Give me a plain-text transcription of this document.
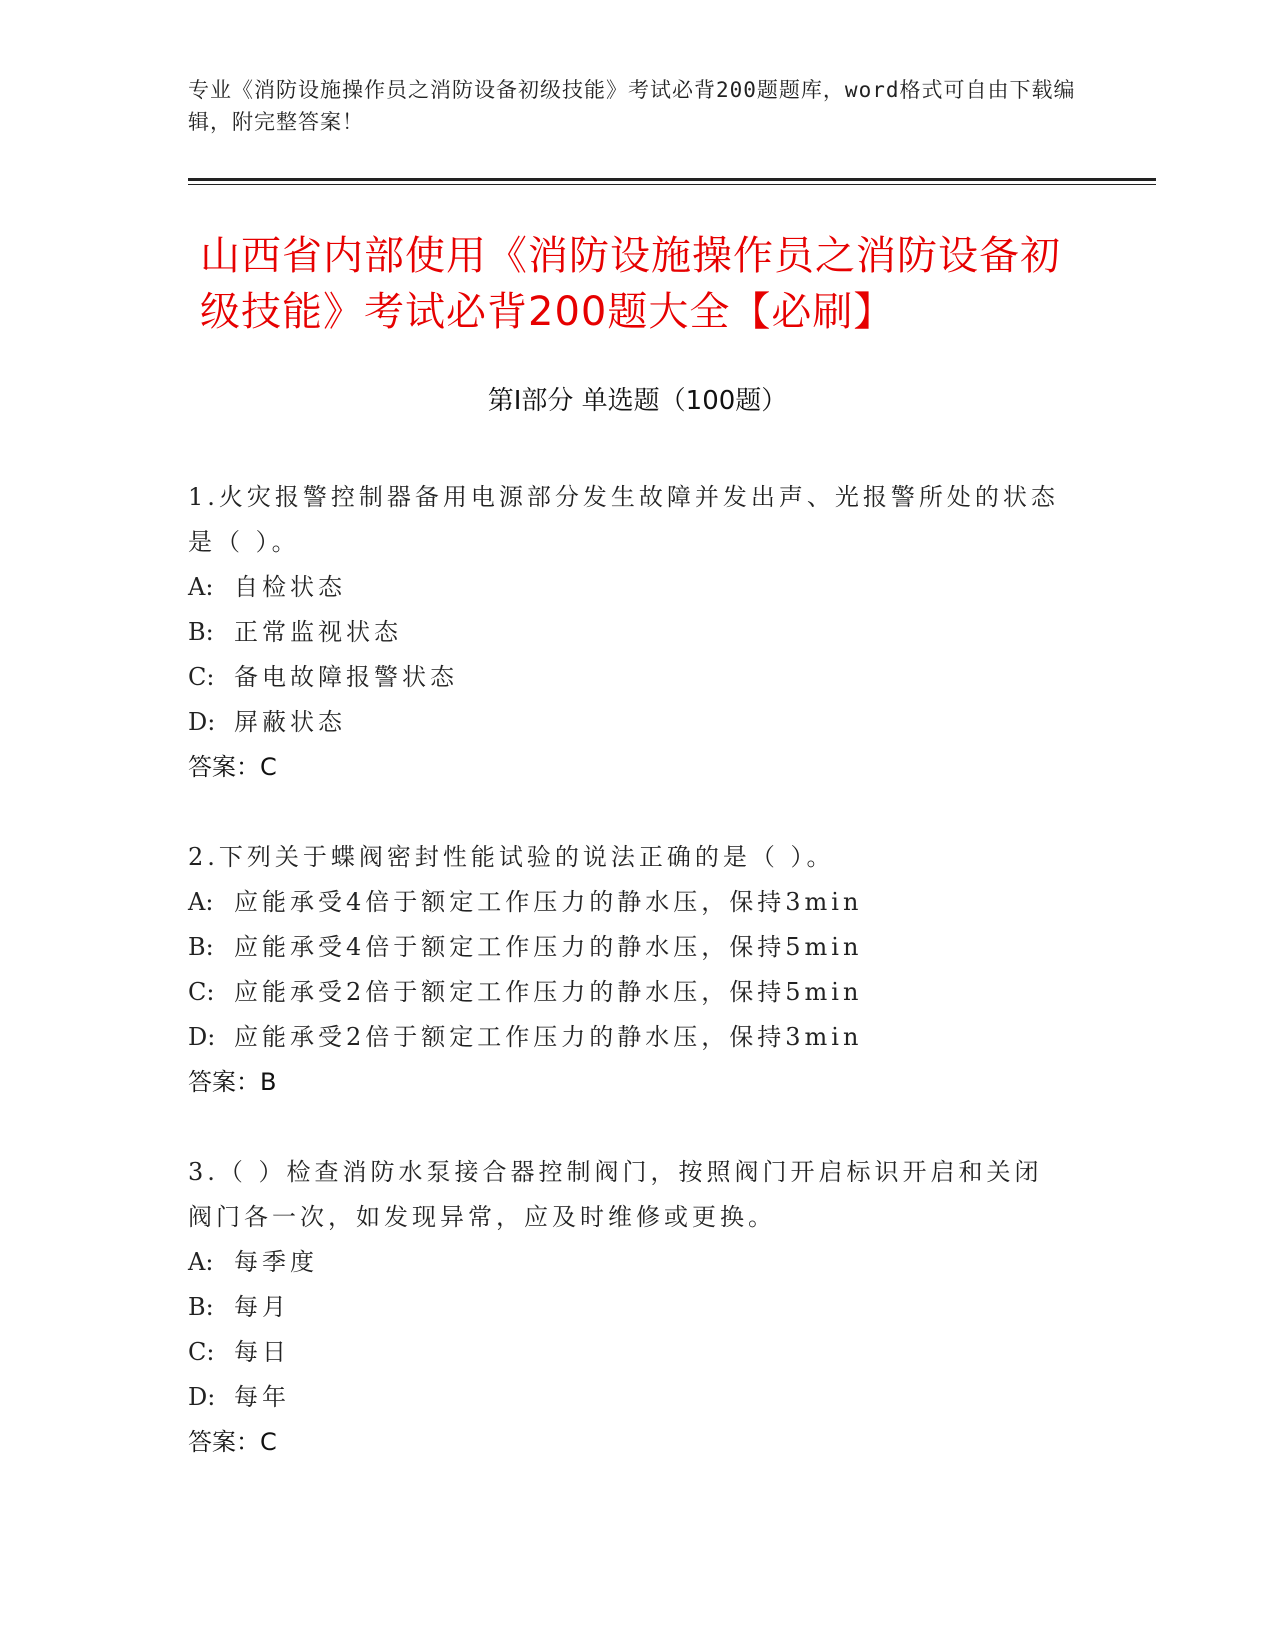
专业《消防设施操作员之消防设备初级技能》考试必背200题题库，word格式可自由下载编辑，附完整答案！
山西省内部使用《消防设施操作员之消防设备初级技能》考试必背200题大全【必刷】
第Ⅰ部分 单选题（100题）
1.火灾报警控制器备用电源部分发生故障并发出声、光报警所处的状态是（ ）。
A: 自检状态
B: 正常监视状态
C: 备电故障报警状态
D: 屏蔽状态
答案：C
2.下列关于蝶阀密封性能试验的说法正确的是（ ）。
A: 应能承受4倍于额定工作压力的静水压，保持3min
B: 应能承受4倍于额定工作压力的静水压，保持5min
C: 应能承受2倍于额定工作压力的静水压，保持5min
D: 应能承受2倍于额定工作压力的静水压，保持3min
答案：B
3.（ ）检查消防水泵接合器控制阀门，按照阀门开启标识开启和关闭阀门各一次，如发现异常，应及时维修或更换。
A: 每季度
B: 每月
C: 每日
D: 每年
答案：C
